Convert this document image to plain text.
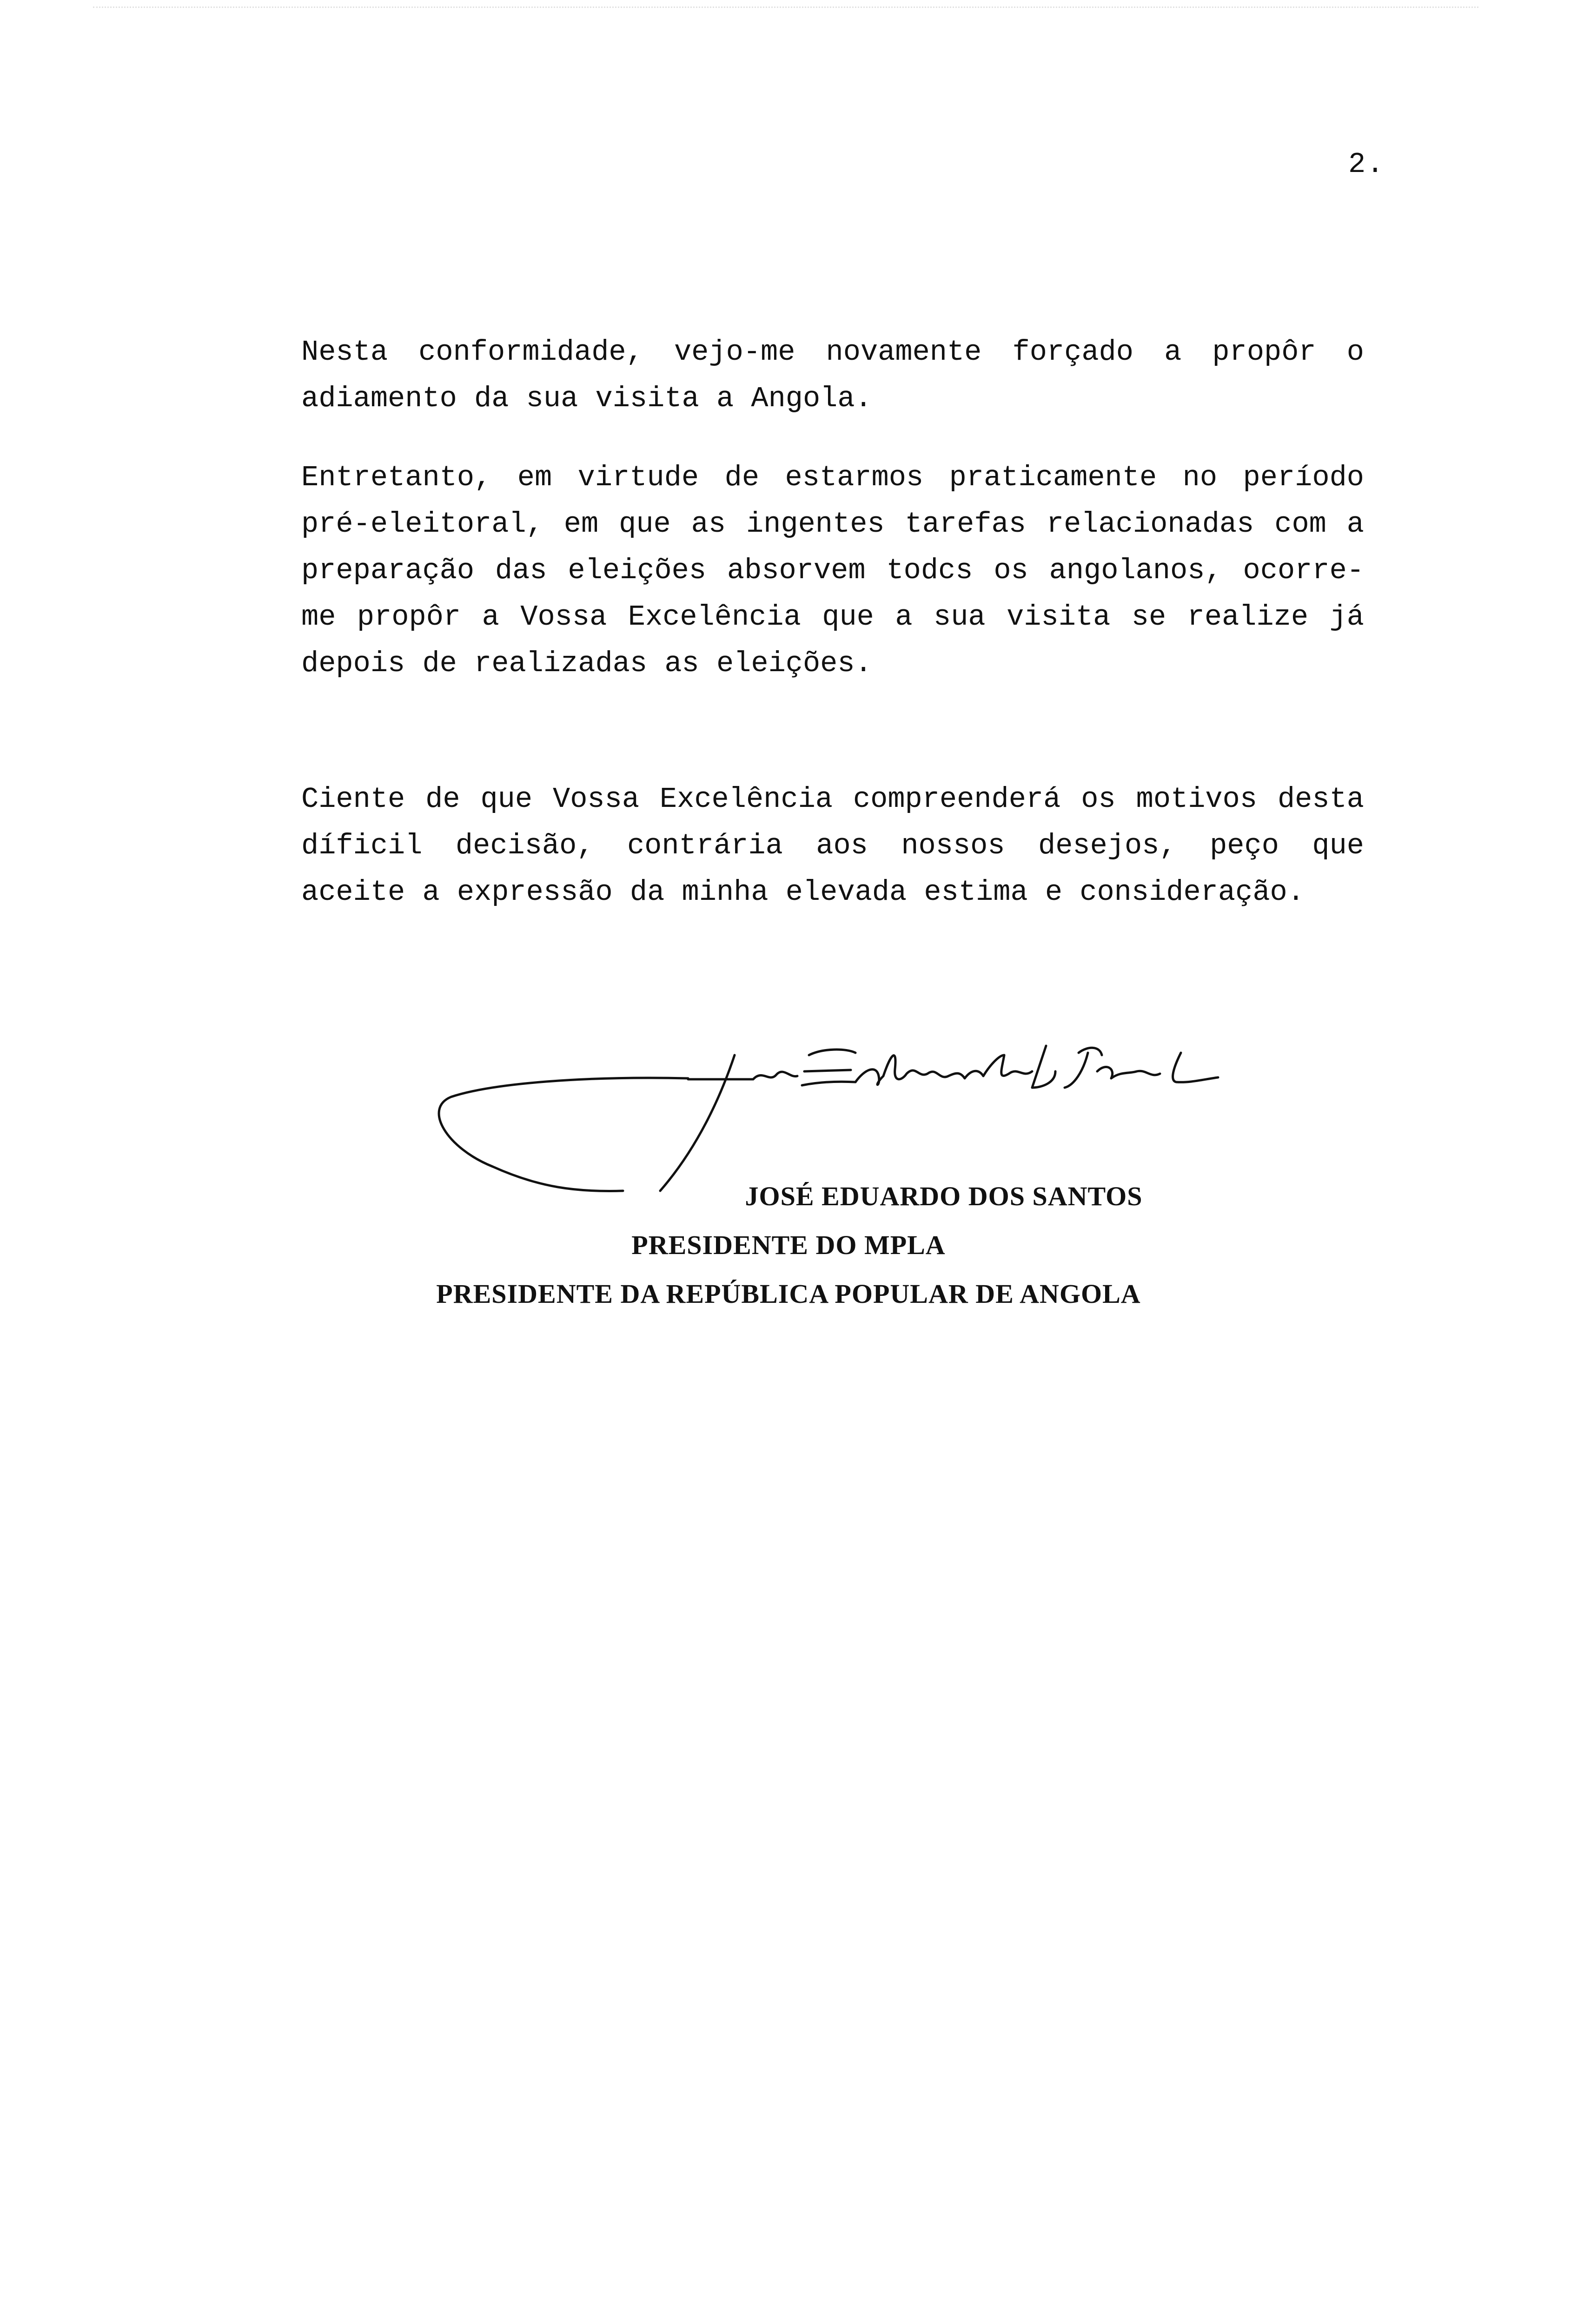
2.

Nesta conformidade, vejo-me novamente forçado a propôr o adiamento da sua visita a Angola.

Entretanto, em virtude de estarmos praticamente no período pré-eleitoral, em que as ingentes tarefas relacionadas com a preparação das eleições absorvem todcs os angolanos, ocorre-me propôr a Vossa Excelência que a sua visita se realize já depois de realizadas as eleições.

Ciente de que Vossa Excelência compreenderá os motivos desta díficil decisão, contrária aos nossos desejos, peço que aceite a expressão da minha elevada estima e consideração.

JOSÉ EDUARDO DOS SANTOS
PRESIDENTE DO MPLA
PRESIDENTE DA REPÚBLICA POPULAR DE ANGOLA
